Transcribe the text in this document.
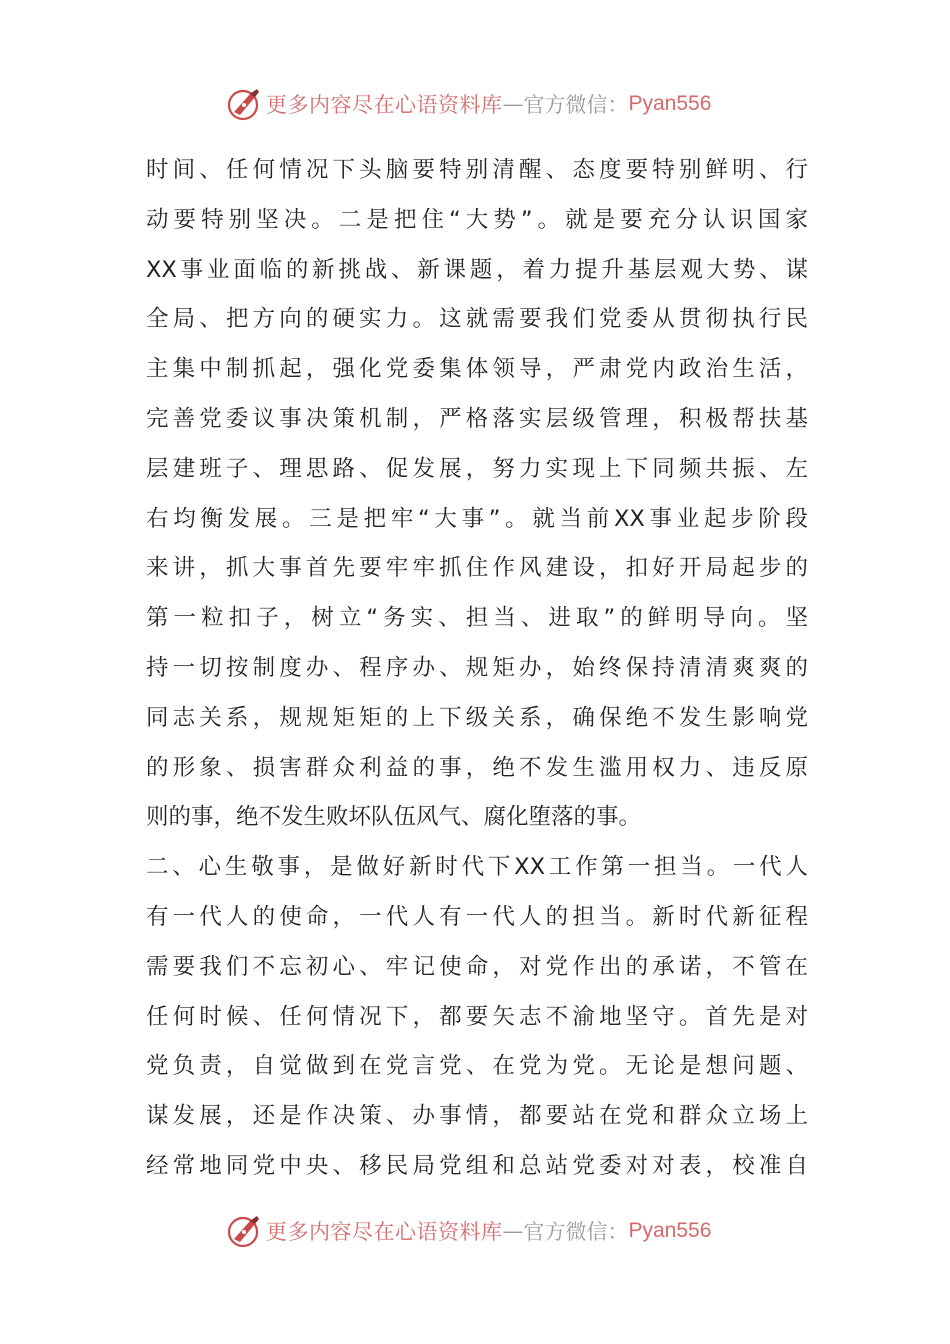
更多内容尽在心语资料库 — 官方微信： Pyan556
时间、任何情况下头脑要特别清醒、态度要特别鲜明、行
动要特别坚决。二是把住“大势”。就是要充分认识国家
XX事业面临的新挑战、新课题，着力提升基层观大势、谋
全局、把方向的硬实力。这就需要我们党委从贯彻执行民
主集中制抓起，强化党委集体领导，严肃党内政治生活，
完善党委议事决策机制，严格落实层级管理，积极帮扶基
层建班子、理思路、促发展，努力实现上下同频共振、左
右均衡发展。三是把牢“大事”。就当前XX事业起步阶段
来讲，抓大事首先要牢牢抓住作风建设，扣好开局起步的
第一粒扣子，树立“务实、担当、进取”的鲜明导向。坚
持一切按制度办、程序办、规矩办，始终保持清清爽爽的
同志关系，规规矩矩的上下级关系，确保绝不发生影响党
的形象、损害群众利益的事，绝不发生滥用权力、违反原
则的事，绝不发生败坏队伍风气、腐化堕落的事。
二、心生敬事，是做好新时代下XX工作第一担当。一代人
有一代人的使命，一代人有一代人的担当。新时代新征程
需要我们不忘初心、牢记使命，对党作出的承诺，不管在
任何时候、任何情况下，都要矢志不渝地坚守。首先是对
党负责，自觉做到在党言党、在党为党。无论是想问题、
谋发展，还是作决策、办事情，都要站在党和群众立场上
经常地同党中央、移民局党组和总站党委对对表，校准自
更多内容尽在心语资料库 — 官方微信： Pyan556
